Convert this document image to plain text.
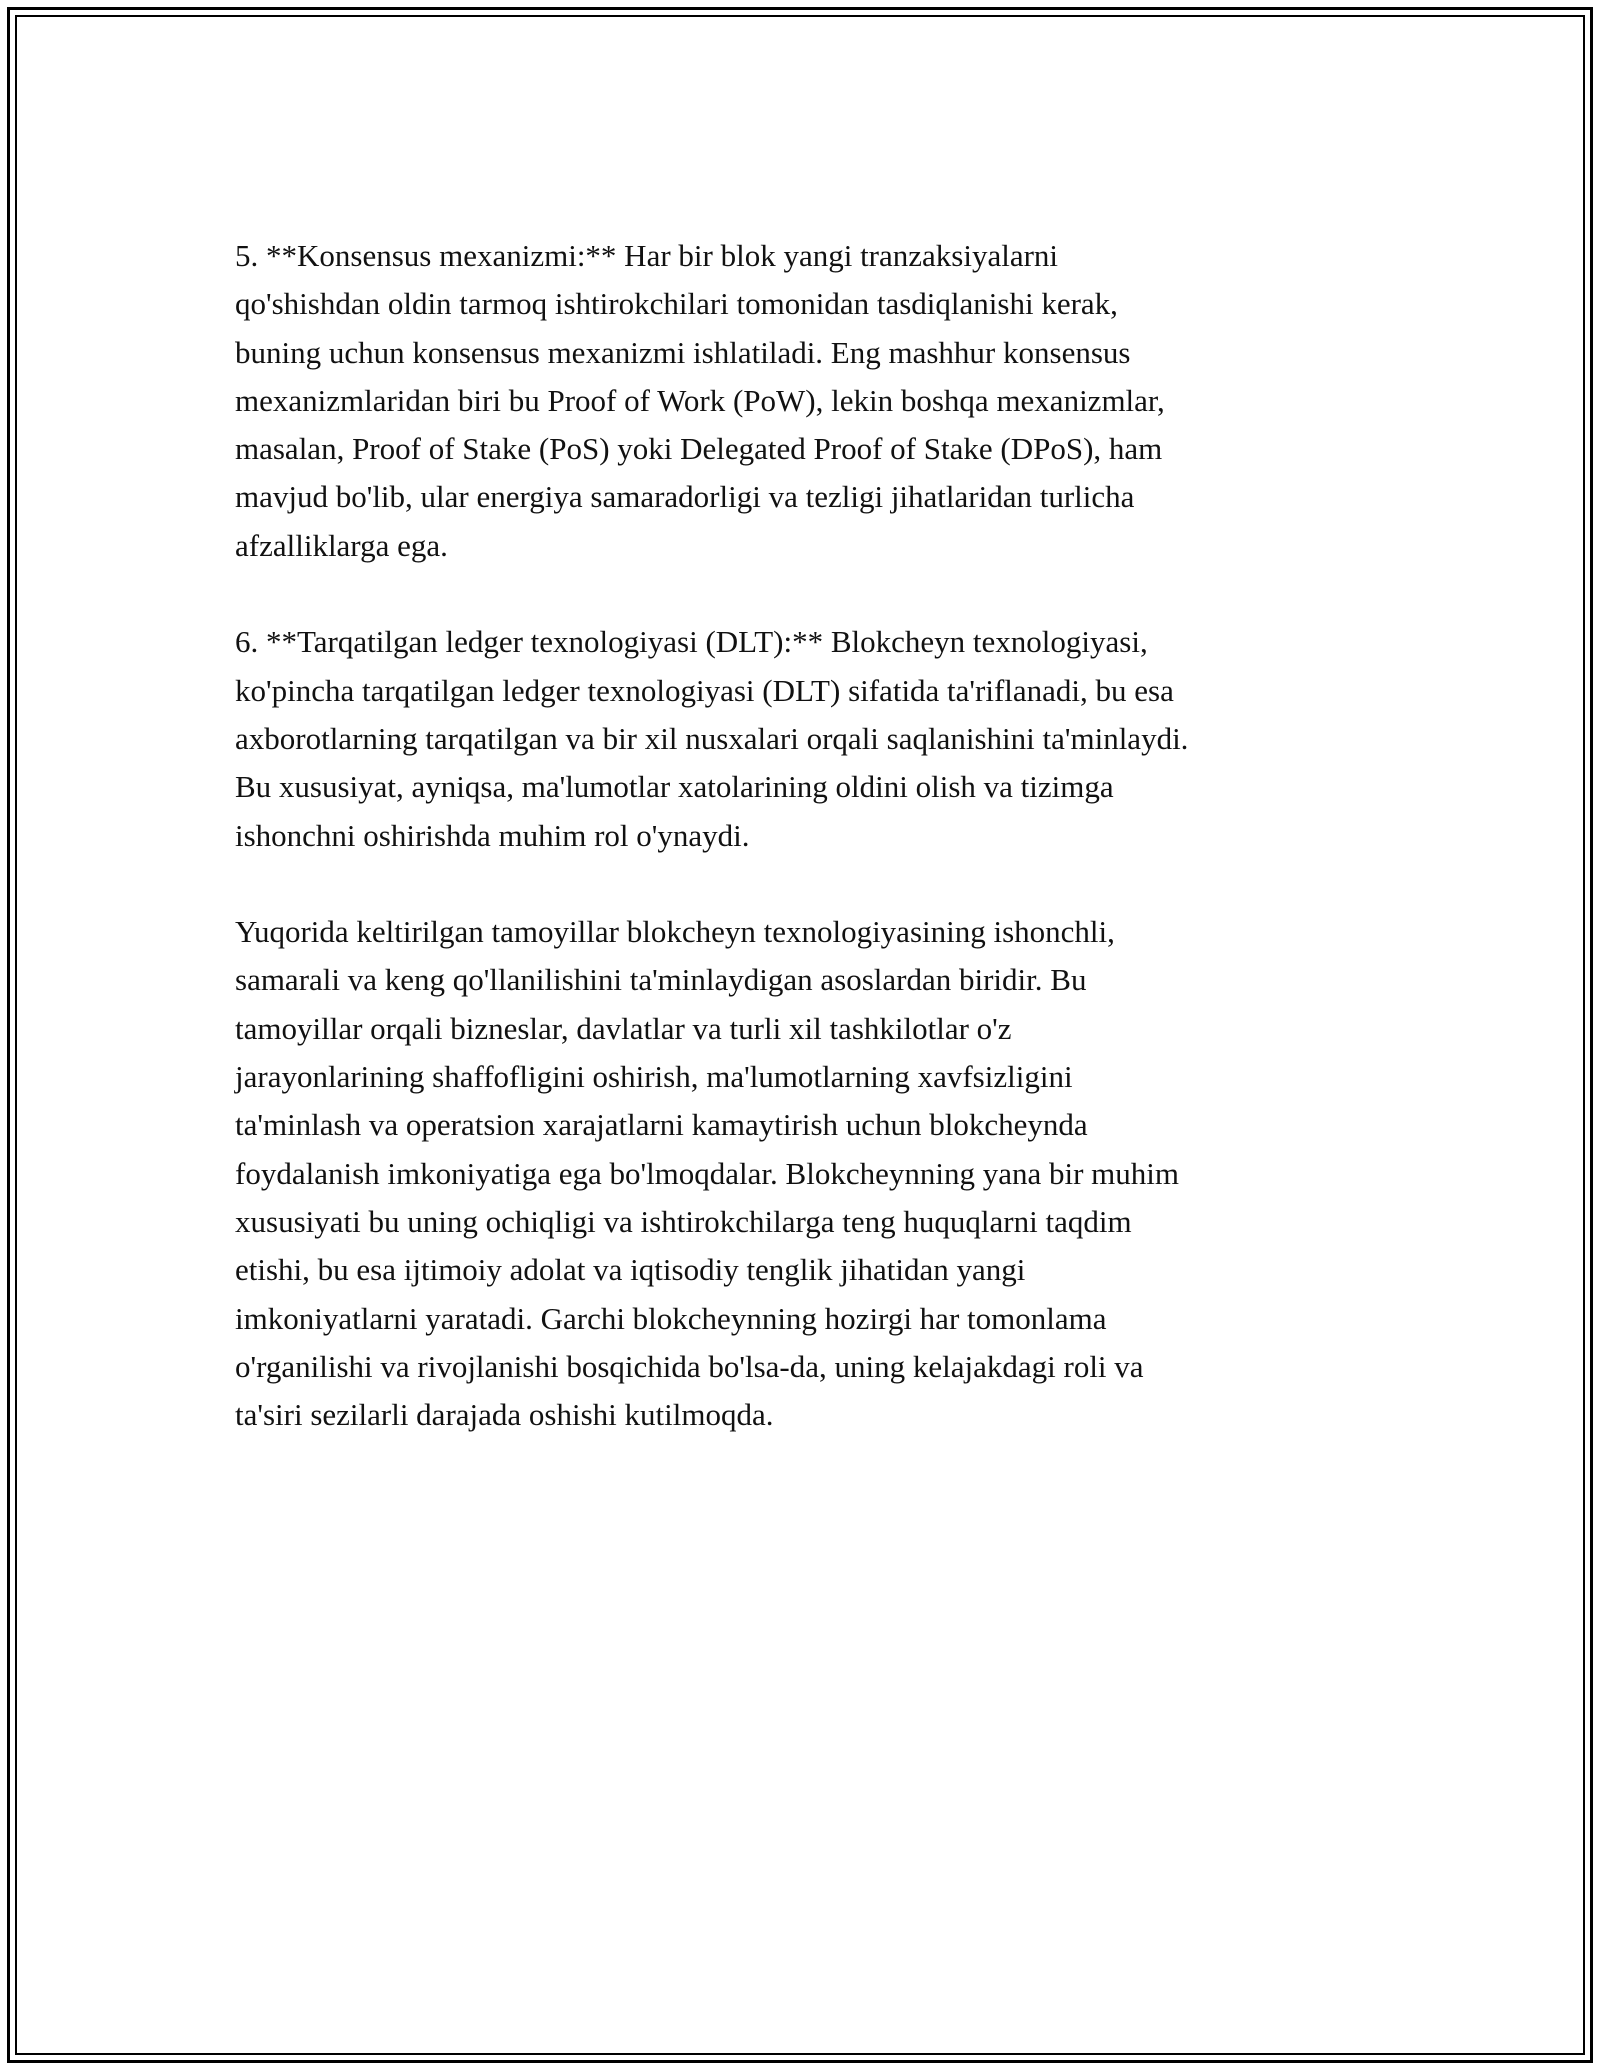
5. **Konsensus mexanizmi:** Har bir blok yangi tranzaksiyalarni
qo'shishdan oldin tarmoq ishtirokchilari tomonidan tasdiqlanishi kerak,
buning uchun konsensus mexanizmi ishlatiladi. Eng mashhur konsensus
mexanizmlaridan biri bu Proof of Work (PoW), lekin boshqa mexanizmlar,
masalan, Proof of Stake (PoS) yoki Delegated Proof of Stake (DPoS), ham
mavjud bo'lib, ular energiya samaradorligi va tezligi jihatlaridan turlicha
afzalliklarga ega.
6. **Tarqatilgan ledger texnologiyasi (DLT):** Blokcheyn texnologiyasi,
ko'pincha tarqatilgan ledger texnologiyasi (DLT) sifatida ta'riflanadi, bu esa
axborotlarning tarqatilgan va bir xil nusxalari orqali saqlanishini ta'minlaydi.
Bu xususiyat, ayniqsa, ma'lumotlar xatolarining oldini olish va tizimga
ishonchni oshirishda muhim rol o'ynaydi.
Yuqorida keltirilgan tamoyillar blokcheyn texnologiyasining ishonchli,
samarali va keng qo'llanilishini ta'minlaydigan asoslardan biridir. Bu
tamoyillar orqali bizneslar, davlatlar va turli xil tashkilotlar o'z
jarayonlarining shaffofligini oshirish, ma'lumotlarning xavfsizligini
ta'minlash va operatsion xarajatlarni kamaytirish uchun blokcheynda
foydalanish imkoniyatiga ega bo'lmoqdalar. Blokcheynning yana bir muhim
xususiyati bu uning ochiqligi va ishtirokchilarga teng huquqlarni taqdim
etishi, bu esa ijtimoiy adolat va iqtisodiy tenglik jihatidan yangi
imkoniyatlarni yaratadi. Garchi blokcheynning hozirgi har tomonlama
o'rganilishi va rivojlanishi bosqichida bo'lsa-da, uning kelajakdagi roli va
ta'siri sezilarli darajada oshishi kutilmoqda.
